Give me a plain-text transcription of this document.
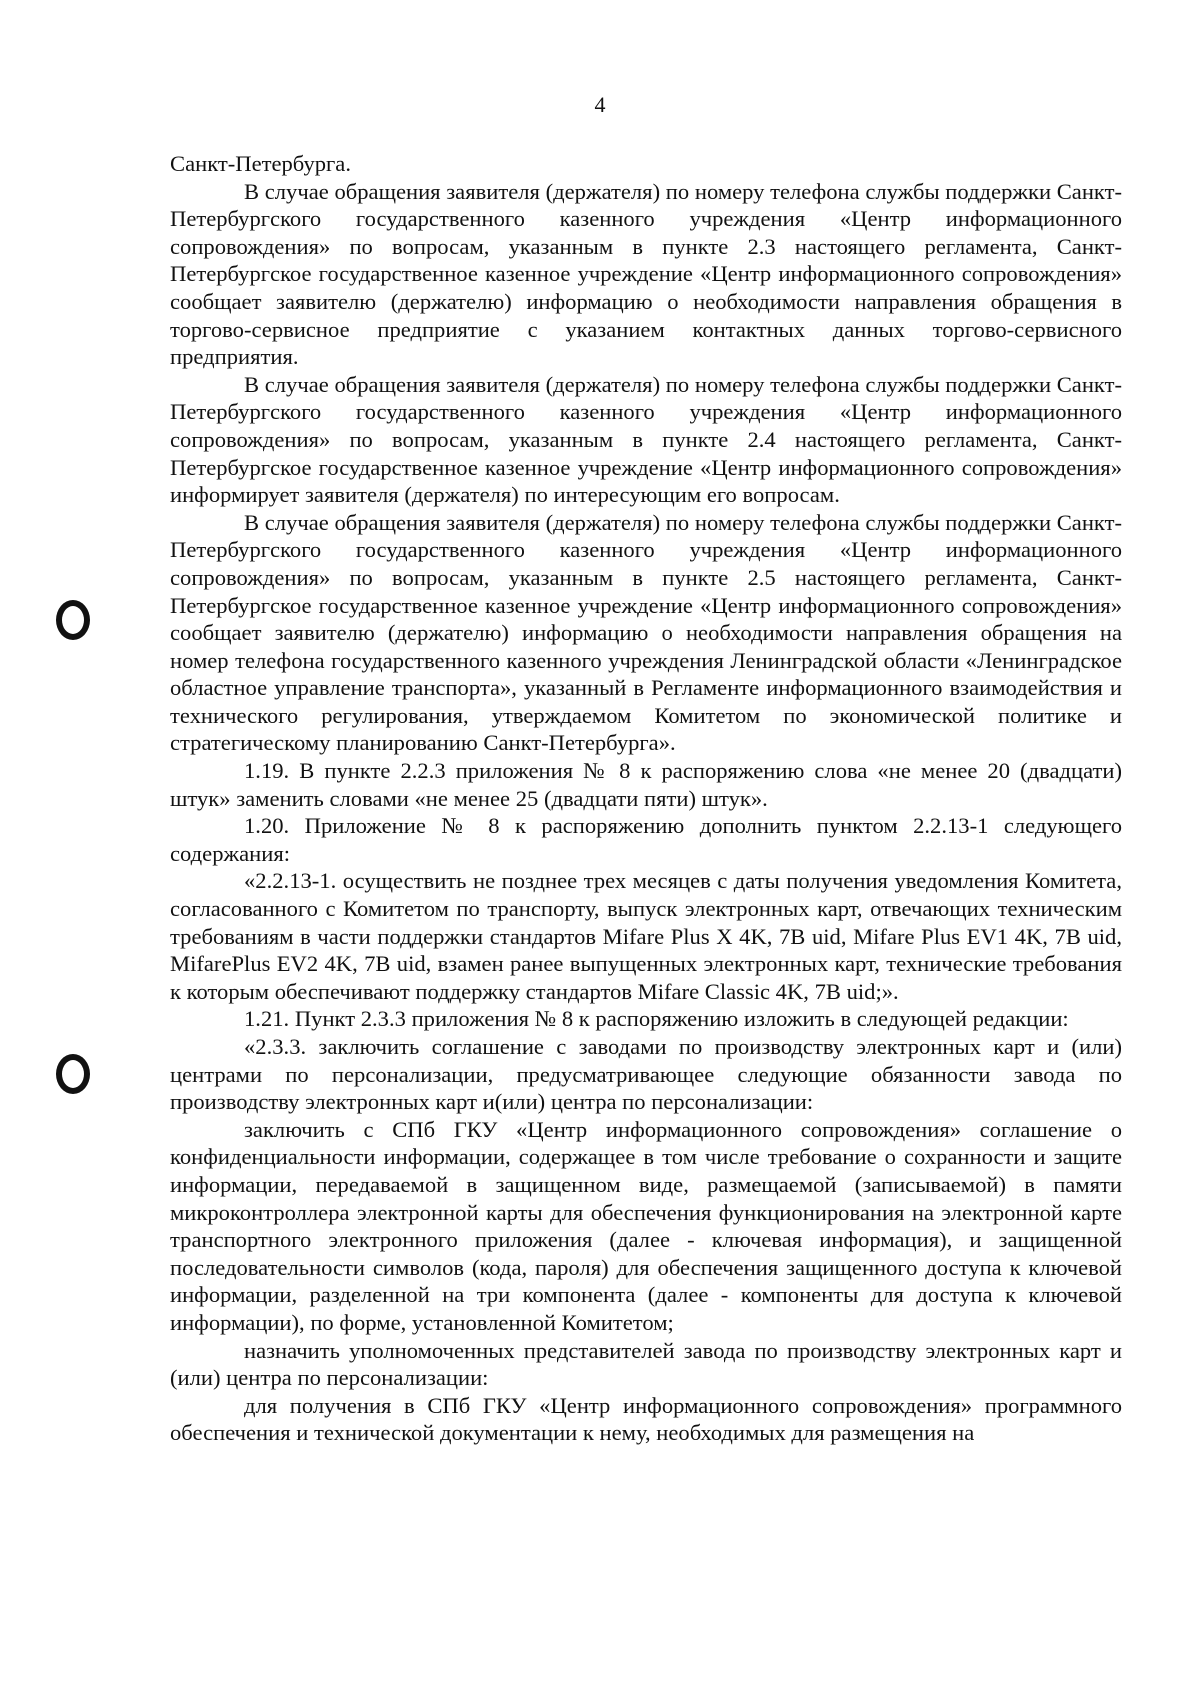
4

Санкт-Петербурга.

В случае обращения заявителя (держателя) по номеру телефона службы поддержки Санкт-Петербургского государственного казенного учреждения «Центр информационного сопровождения» по вопросам, указанным в пункте 2.3 настоящего регламента, Санкт-Петербургское государственное казенное учреждение «Центр информационного сопровождения» сообщает заявителю (держателю) информацию о необходимости направления обращения в торгово-сервисное предприятие с указанием контактных данных торгово-сервисного предприятия.

В случае обращения заявителя (держателя) по номеру телефона службы поддержки Санкт-Петербургского государственного казенного учреждения «Центр информационного сопровождения» по вопросам, указанным в пункте 2.4 настоящего регламента, Санкт-Петербургское государственное казенное учреждение «Центр информационного сопровождения» информирует заявителя (держателя) по интересующим его вопросам.

В случае обращения заявителя (держателя) по номеру телефона службы поддержки Санкт-Петербургского государственного казенного учреждения «Центр информационного сопровождения» по вопросам, указанным в пункте 2.5 настоящего регламента, Санкт-Петербургское государственное казенное учреждение «Центр информационного сопровождения» сообщает заявителю (держателю) информацию о необходимости направления обращения на номер телефона государственного казенного учреждения Ленинградской области «Ленинградское областное управление транспорта», указанный в Регламенте информационного взаимодействия и технического регулирования, утверждаемом Комитетом по экономической политике и стратегическому планированию Санкт-Петербурга».

1.19. В пункте 2.2.3 приложения № 8 к распоряжению слова «не менее 20 (двадцати) штук» заменить словами «не менее 25 (двадцати пяти) штук».

1.20. Приложение № 8 к распоряжению дополнить пунктом 2.2.13-1 следующего содержания:

«2.2.13-1. осуществить не позднее трех месяцев с даты получения уведомления Комитета, согласованного с Комитетом по транспорту, выпуск электронных карт, отвечающих техническим требованиям в части поддержки стандартов Mifare Plus X 4K, 7B uid, Mifare Plus EV1 4K, 7B uid, MifarePlus EV2 4K, 7B uid, взамен ранее выпущенных электронных карт, технические требования к которым обеспечивают поддержку стандартов Mifare Classic 4K, 7B uid;».

1.21. Пункт 2.3.3 приложения № 8 к распоряжению изложить в следующей редакции:

«2.3.3. заключить соглашение с заводами по производству электронных карт и (или) центрами по персонализации, предусматривающее следующие обязанности завода по производству электронных карт и(или) центра по персонализации:

заключить с СПб ГКУ «Центр информационного сопровождения» соглашение о конфиденциальности информации, содержащее в том числе требование о сохранности и защите информации, передаваемой в защищенном виде, размещаемой (записываемой) в памяти микроконтроллера электронной карты для обеспечения функционирования на электронной карте транспортного электронного приложения (далее - ключевая информация), и защищенной последовательности символов (кода, пароля) для обеспечения защищенного доступа к ключевой информации, разделенной на три компонента (далее - компоненты для доступа к ключевой информации), по форме, установленной Комитетом;

назначить уполномоченных представителей завода по производству электронных карт и (или) центра по персонализации:

для получения в СПб ГКУ «Центр информационного сопровождения» программного обеспечения и технической документации к нему, необходимых для размещения на
